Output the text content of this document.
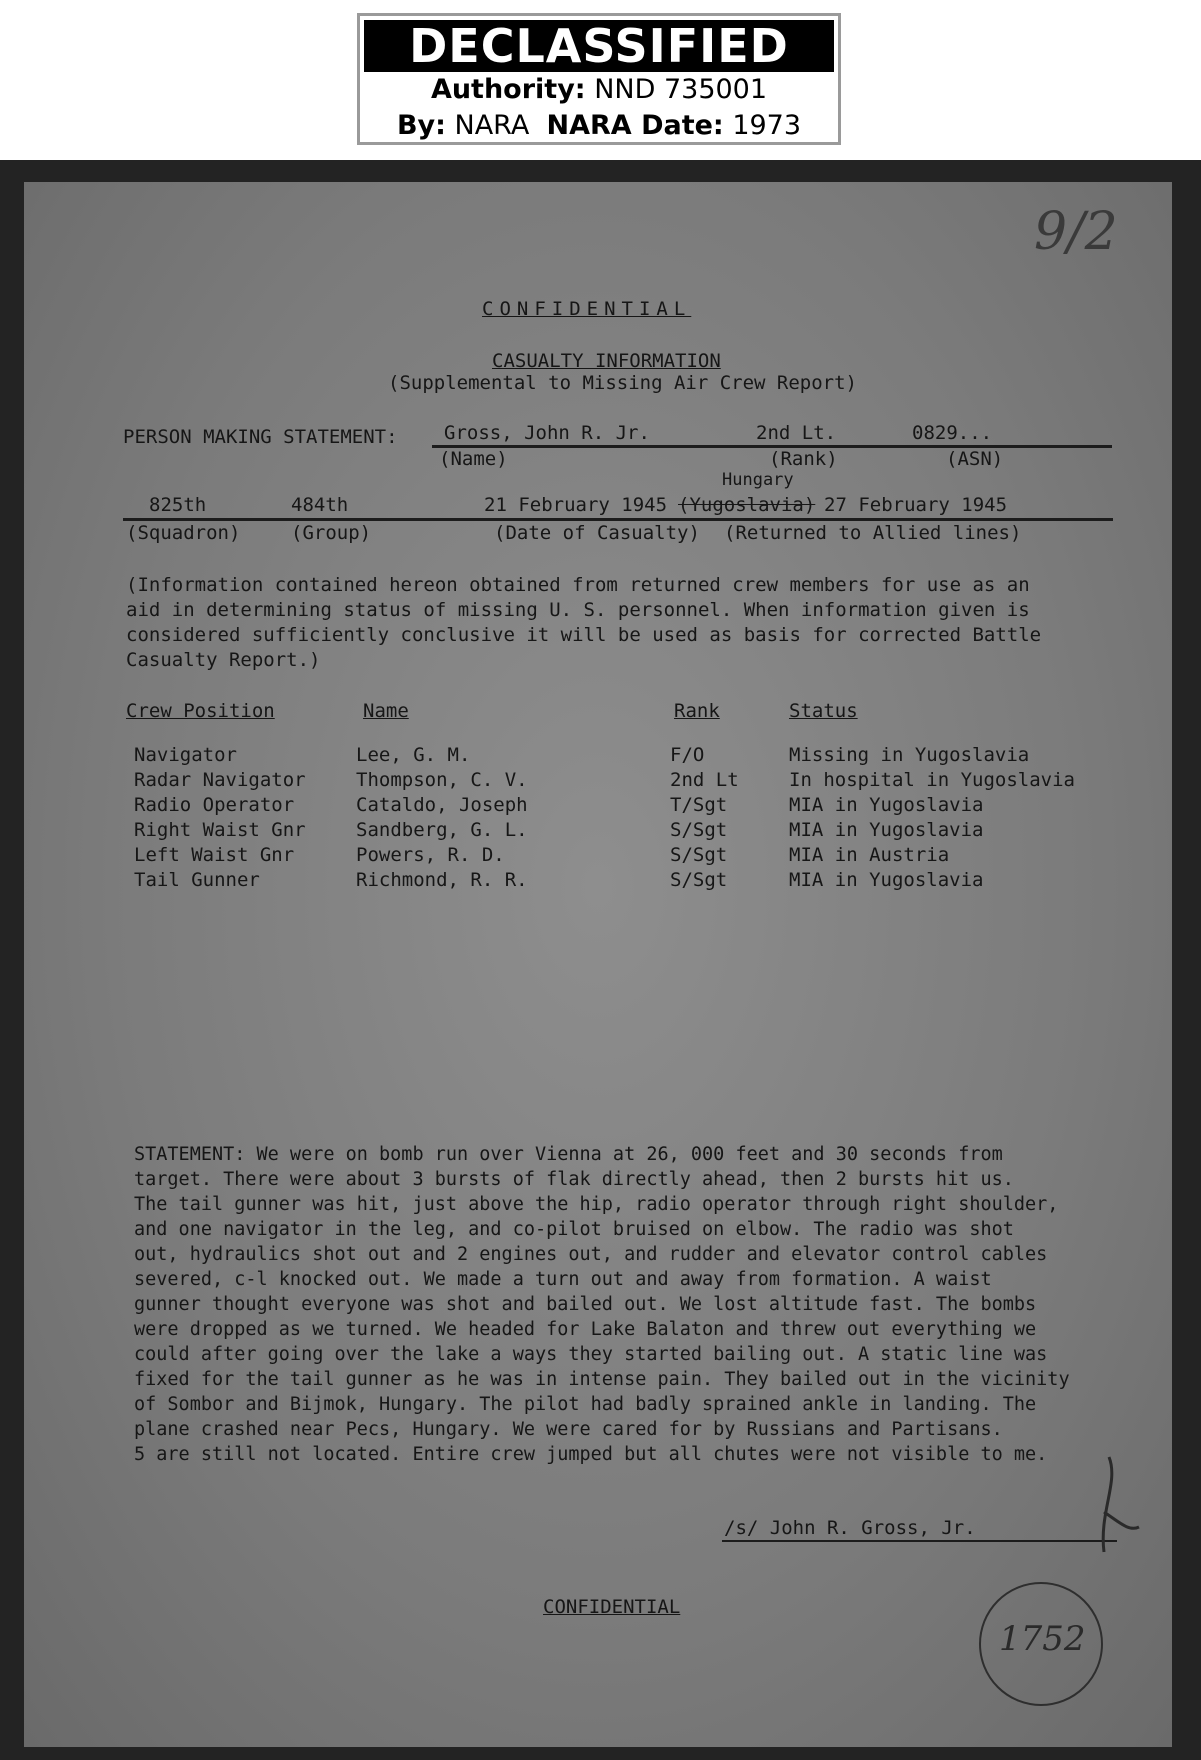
DECLASSIFIED
Authority: NND 735001
By: NARA NARA Date: 1973
9/2
CONFIDENTIAL
CASUALTY INFORMATION
(Supplemental to Missing Air Crew Report)
PERSON MAKING STATEMENT: Gross, John R. Jr.	2nd Lt.	0829...
(Name)	(Rank)	(ASN)
Hungary
825th	484th	21 February 1945 (Yugoslavia) 27 February 1945
(Squadron)	(Group)	(Date of Casualty) (Returned to Allied lines)
(Information contained hereon obtained from returned crew members for use as an
aid in determining status of missing U. S. personnel. When information given is
considered sufficiently conclusive it will be used as basis for corrected Battle
Casualty Report.)
Crew Position	Name	Rank	Status
Navigator	Lee, G. M.	F/O	Missing in Yugoslavia
Radar Navigator	Thompson, C. V.	2nd Lt	In hospital in Yugoslavia
Radio Operator	Cataldo, Joseph	T/Sgt	MIA in Yugoslavia
Right Waist Gnr	Sandberg, G. L.	S/Sgt	MIA in Yugoslavia
Left Waist Gnr	Powers, R. D.	S/Sgt	MIA in Austria
Tail Gunner	Richmond, R. R.	S/Sgt	MIA in Yugoslavia
STATEMENT: We were on bomb run over Vienna at 26, 000 feet and 30 seconds from
target. There were about 3 bursts of flak directly ahead, then 2 bursts hit us.
The tail gunner was hit, just above the hip, radio operator through right shoulder,
and one navigator in the leg, and co-pilot bruised on elbow. The radio was shot
out, hydraulics shot out and 2 engines out, and rudder and elevator control cables
severed, c-l knocked out. We made a turn out and away from formation. A waist
gunner thought everyone was shot and bailed out. We lost altitude fast. The bombs
were dropped as we turned. We headed for Lake Balaton and threw out everything we
could after going over the lake a ways they started bailing out. A static line was
fixed for the tail gunner as he was in intense pain. They bailed out in the vicinity
of Sombor and Bijmok, Hungary. The pilot had badly sprained ankle in landing. The
plane crashed near Pecs, Hungary. We were cared for by Russians and Partisans.
5 are still not located. Entire crew jumped but all chutes were not visible to me.
/s/ John R. Gross, Jr.
CONFIDENTIAL
1752
